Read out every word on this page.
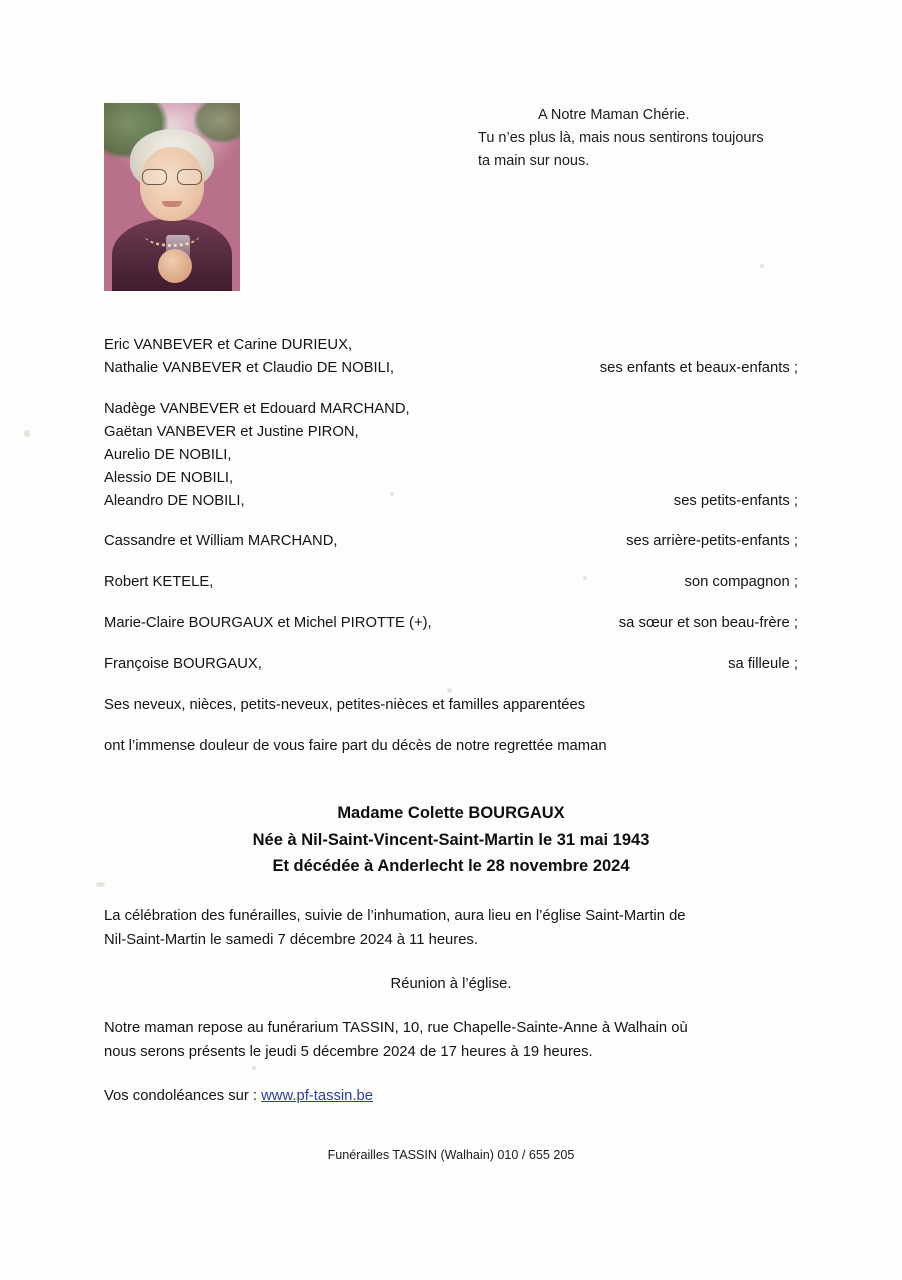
A Notre Maman Chérie.
Tu n’es plus là, mais nous sentirons toujours
ta main sur nous.
Eric VANBEVER et Carine DURIEUX,
Nathalie VANBEVER et Claudio DE NOBILI,	ses enfants et beaux-enfants ;
Nadège VANBEVER et Edouard MARCHAND,
Gaëtan VANBEVER et Justine PIRON,
Aurelio DE NOBILI,
Alessio DE NOBILI,
Aleandro DE NOBILI,	ses petits-enfants ;
Cassandre et William MARCHAND,	ses arrière-petits-enfants ;
Robert KETELE,	son compagnon ;
Marie-Claire BOURGAUX et Michel PIROTTE (+),	sa sœur et son beau-frère ;
Françoise BOURGAUX,	sa filleule ;
Ses neveux, nièces, petits-neveux, petites-nièces et familles apparentées
ont l’immense douleur de vous faire part du décès de notre regrettée maman
Madame Colette BOURGAUX
Née à Nil-Saint-Vincent-Saint-Martin le 31 mai 1943
Et décédée à Anderlecht le 28 novembre 2024
La célébration des funérailles, suivie de l’inhumation, aura lieu en l’église Saint-Martin de
Nil-Saint-Martin le samedi 7 décembre 2024 à 11 heures.
Réunion à l’église.
Notre maman repose au funérarium TASSIN, 10, rue Chapelle-Sainte-Anne à Walhain où
nous serons présents le jeudi 5 décembre 2024 de 17 heures à 19 heures.
Vos condoléances sur : www.pf-tassin.be
Funérailles TASSIN (Walhain) 010 / 655 205
